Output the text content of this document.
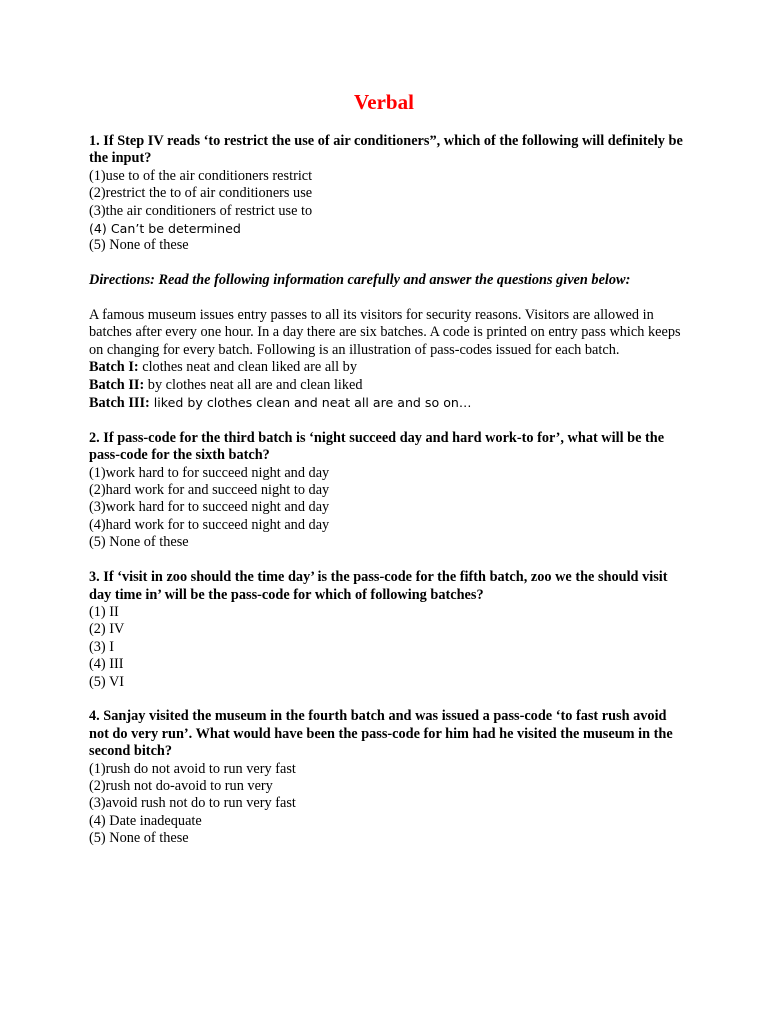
Verbal

1. If Step IV reads ‘to restrict the use of air conditioners”, which of the following will definitely be the input?

(1)use to of the air conditioners restrict

(2)restrict the to of air conditioners use

(3)the air conditioners of restrict use to

(4) Can’t be determined

(5) None of these

Directions: Read the following information carefully and answer the questions given below:

A famous museum issues entry passes to all its visitors for security reasons. Visitors are allowed in batches after every one hour. In a day there are six batches. A code is printed on entry pass which keeps on changing for every batch. Following is an illustration of pass-codes issued for each batch.

Batch I: clothes neat and clean liked are all by

Batch II: by clothes neat all are and clean liked

Batch III: liked by clothes clean and neat all are and so on…

2. If pass-code for the third batch is ‘night succeed day and hard work-to for’, what will be the pass-code for the sixth batch?

(1)work hard to for succeed night and day

(2)hard work for and succeed night to day

(3)work hard for to succeed night and day

(4)hard work for to succeed night and day

(5) None of these

3. If ‘visit in zoo should the time day’ is the pass-code for the fifth batch, zoo we the should visit day time in’ will be the pass-code for which of following batches?

(1) II

(2) IV

(3) I

(4) III

(5) VI

4. Sanjay visited the museum in the fourth batch and was issued a pass-code ‘to fast rush avoid not do very run’. What would have been the pass-code for him had he visited the museum in the second bitch?

(1)rush do not avoid to run very fast

(2)rush not do-avoid to run very

(3)avoid rush not do to run very fast

(4) Date inadequate

(5) None of these
